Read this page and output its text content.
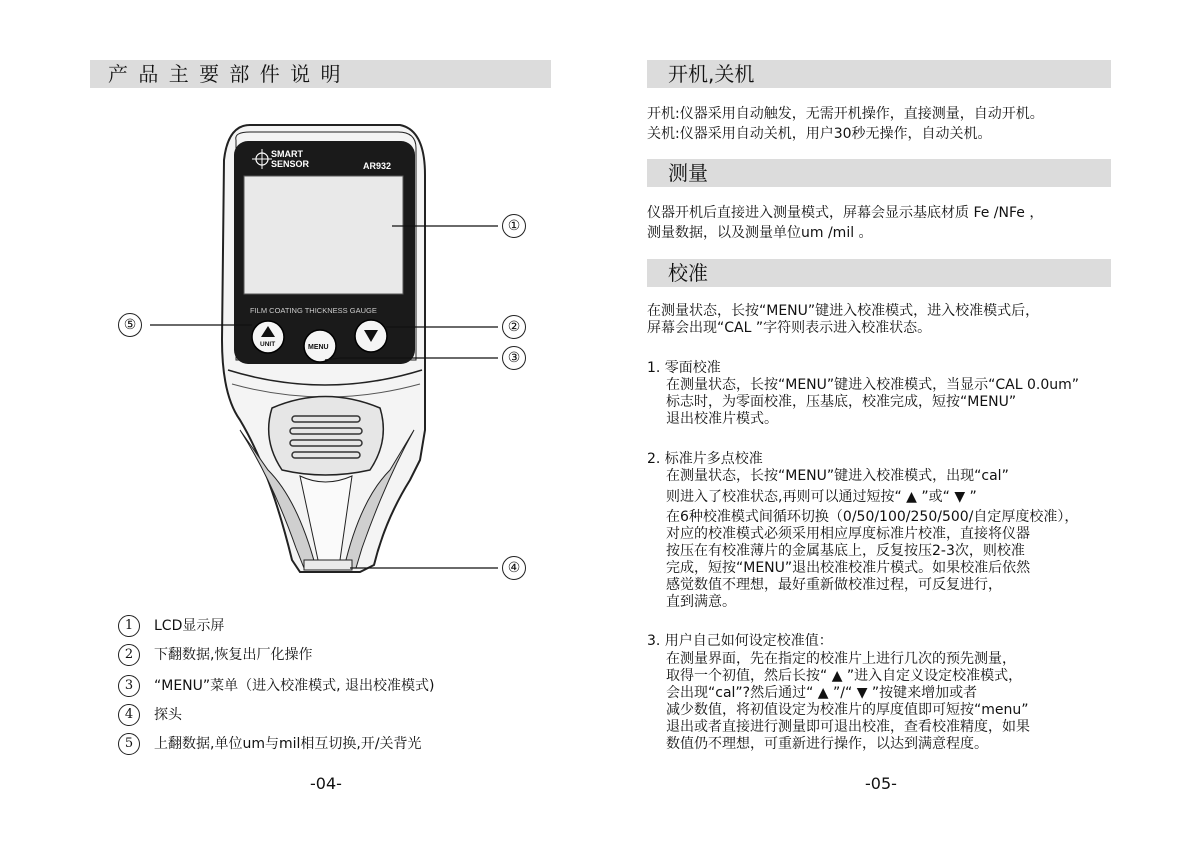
产 品 主 要 部 件 说 明
SMART
SENSOR	AR932
FILM COATING THICKNESS GAUGE
UNIT	MENU
①
②
③
④
⑤
1 LCD显示屏
2 下翻数据,恢复出厂化操作
3 “MENU”菜单（进入校准模式, 退出校准模式)
4 探头
5 上翻数据,单位um与mil相互切换,开/关背光
-04-
开机,关机
开机:仪器采用自动触发，无需开机操作，直接测量，自动开机。
关机:仪器采用自动关机，用户30秒无操作，自动关机。
测量
仪器开机后直接进入测量模式，屏幕会显示基底材质 Fe /NFe ，
测量数据，以及测量单位um /mil 。
校准
在测量状态，长按“MENU”键进入校准模式，进入校准模式后，
屏幕会出现“CAL ”字符则表示进入校准状态。
1. 零面校准
在测量状态，长按“MENU”键进入校准模式，当显示“CAL 0.0um”
标志时，为零面校准，压基底，校准完成，短按“MENU”
退出校准片模式。
2. 标准片多点校准
在测量状态，长按“MENU”键进入校准模式，出现“cal”
则进入了校准状态,再则可以通过短按“ ▲ ”或“ ▼ ”
在6种校准模式间循环切换（0/50/100/250/500/自定厚度校准），
对应的校准模式必须采用相应厚度标准片校准，直接将仪器
按压在有校准薄片的金属基底上，反复按压2-3次，则校准
完成，短按“MENU”退出校准校准片模式。如果校准后依然
感觉数值不理想，最好重新做校准过程，可反复进行，
直到满意。
3. 用户自己如何设定校准值：
在测量界面，先在指定的校准片上进行几次的预先测量，
取得一个初值，然后长按“ ▲ ”进入自定义设定校准模式，
会出现“cal”?然后通过“ ▲ ”/“ ▼ ”按键来增加或者
减少数值，将初值设定为校准片的厚度值即可短按“menu”
退出或者直接进行测量即可退出校准，查看校准精度，如果
数值仍不理想，可重新进行操作，以达到满意程度。
-05-
